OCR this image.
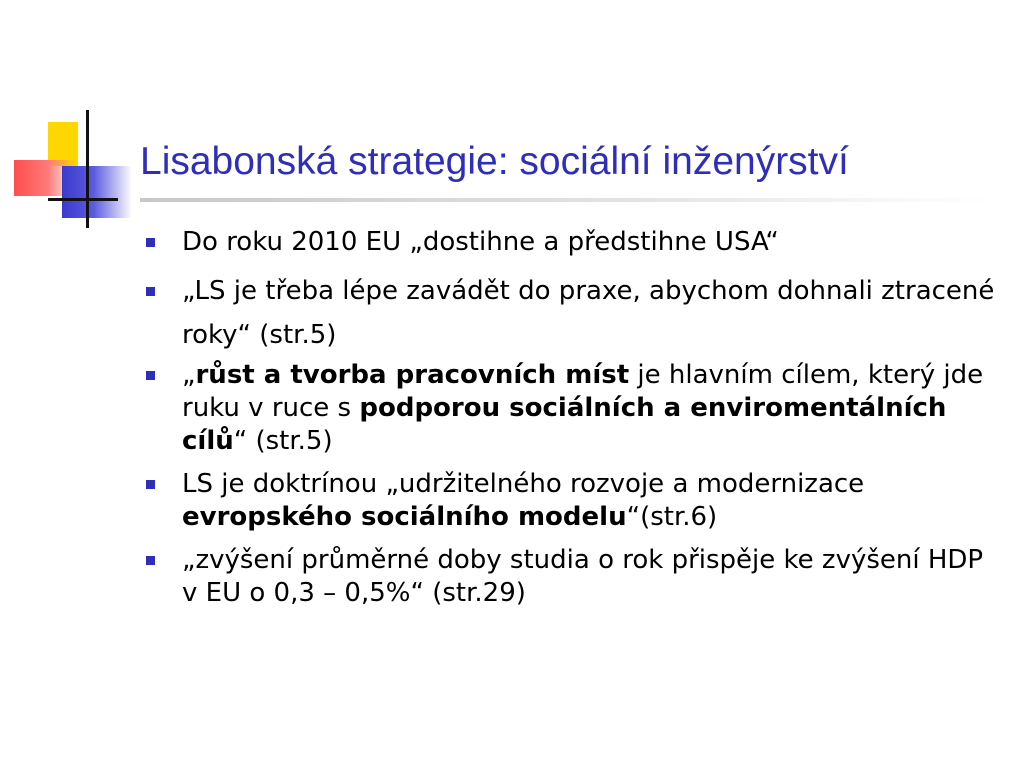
Lisabonská strategie: sociální inženýrství
Do roku 2010 EU „dostihne a předstihne USA“
„LS je třeba lépe zavádět do praxe, abychom dohnali ztracené roky“ (str.5)
„růst a tvorba pracovních míst je hlavním cílem, který jde ruku v ruce s podporou sociálních a enviromentálních cílů“ (str.5)
LS je doktrínou „udržitelného rozvoje a modernizace evropského sociálního modelu“(str.6)
„zvýšení průměrné doby studia o rok přispěje ke zvýšení HDP v EU o 0,3 – 0,5%“ (str.29)
